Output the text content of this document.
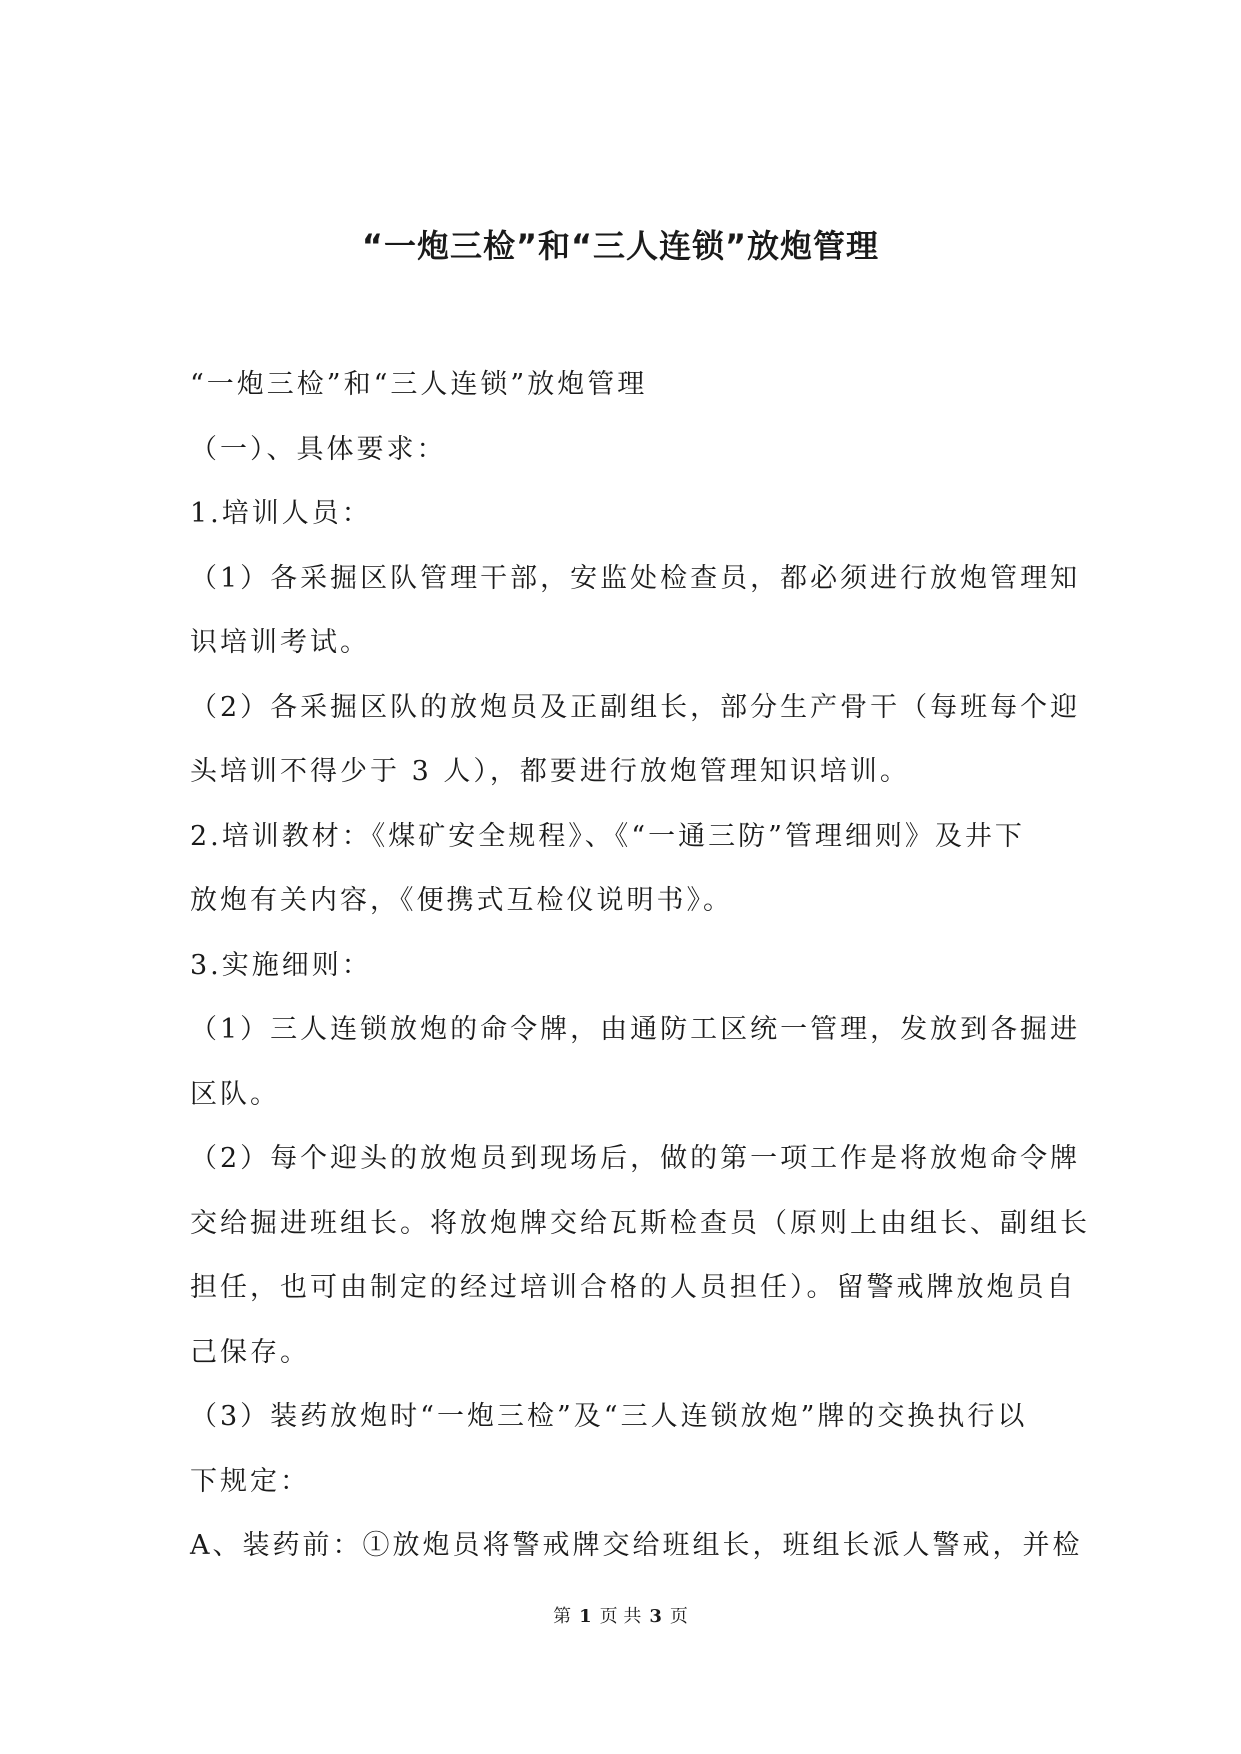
“一炮三检”和“三人连锁”放炮管理

“一炮三检”和“三人连锁”放炮管理

（一）、具体要求：

1.培训人员：

（1）各采掘区队管理干部，安监处检查员，都必须进行放炮管理知

识培训考试。

（2）各采掘区队的放炮员及正副组长，部分生产骨干（每班每个迎

头培训不得少于 3 人），都要进行放炮管理知识培训。

2.培训教材：《煤矿安全规程》、《“一通三防”管理细则》及井下

放炮有关内容，《便携式互检仪说明书》。

3.实施细则：

（1）三人连锁放炮的命令牌，由通防工区统一管理，发放到各掘进

区队。

（2）每个迎头的放炮员到现场后，做的第一项工作是将放炮命令牌

交给掘进班组长。将放炮牌交给瓦斯检查员（原则上由组长、副组长

担任，也可由制定的经过培训合格的人员担任）。留警戒牌放炮员自

己保存。

（3）装药放炮时“一炮三检”及“三人连锁放炮”牌的交换执行以

下规定：

A、装药前：①放炮员将警戒牌交给班组长，班组长派人警戒，并检

第 1 页 共 3 页
